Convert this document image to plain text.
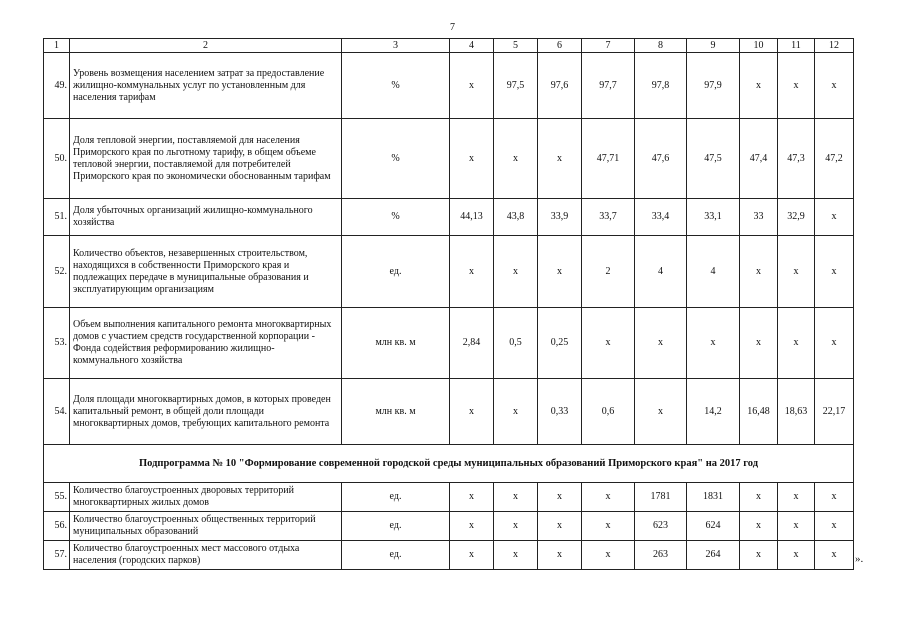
7
1	2	3	4	5	6	7	8	9	10	11	12
49.	Уровень возмещения населением затрат за предоставление жилищно-коммунальных услуг по установленным для населения тарифам	%	х	97,5	97,6	97,7	97,8	97,9	х	х	х
50.	Доля тепловой энергии, поставляемой для населения Приморского края по льготному тарифу, в общем объеме тепловой энергии, поставляемой для потребителей Приморского края по экономически обоснованным тарифам	%	х	х	х	47,71	47,6	47,5	47,4	47,3	47,2
51.	Доля убыточных организаций жилищно-коммунального хозяйства	%	44,13	43,8	33,9	33,7	33,4	33,1	33	32,9	х
52.	Количество объектов, незавершенных строительством, находящихся в собственности Приморского края и подлежащих передаче в муниципальные образования и эксплуатирующим организациям	ед.	х	х	х	2	4	4	х	х	х
53.	Объем выполнения капитального ремонта многоквартирных домов с участием средств государственной корпорации - Фонда содействия реформированию жилищно-коммунального хозяйства	млн кв. м	2,84	0,5	0,25	х	х	х	х	х	х
54.	Доля площади многоквартирных домов, в которых проведен капитальный ремонт, в общей доли площади многоквартирных домов, требующих капитального ремонта	млн кв. м	х	х	0,33	0,6	х	14,2	16,48	18,63	22,17
Подпрограмма № 10 "Формирование современной городской среды муниципальных образований Приморского края" на 2017 год											
55.	Количество благоустроенных дворовых территорий многоквартирных жилых домов	ед.	х	х	х	х	1781	1831	х	х	х
56.	Количество благоустроенных общественных территорий муниципальных образований	ед.	х	х	х	х	623	624	х	х	х
57.	Количество благоустроенных мест массового отдыха населения (городских парков)	ед.	х	х	х	х	263	264	х	х	х ».
